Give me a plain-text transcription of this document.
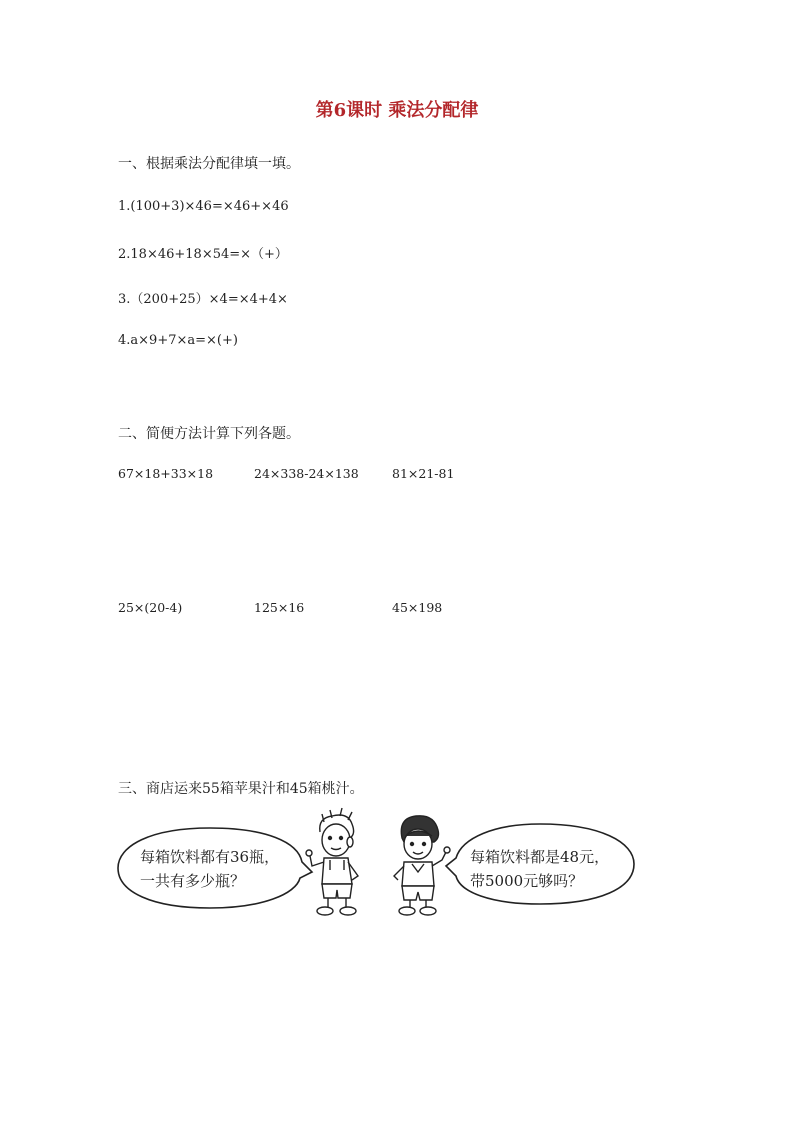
第6课时 乘法分配律
一、根据乘法分配律填一填。
1.(100+3)×46=×46+×46
2.18×46+18×54=×（+）
3.（200+25）×4=×4+4×
4.a×9+7×a=×(+)
二、简便方法计算下列各题。
67×18+33×18	24×338-24×138	81×21-81
25×(20-4)	125×16	45×198
三、商店运来55箱苹果汁和45箱桃汁。
每箱饮料都有36瓶，
一共有多少瓶？
每箱饮料都是48元，
带5000元够吗？
